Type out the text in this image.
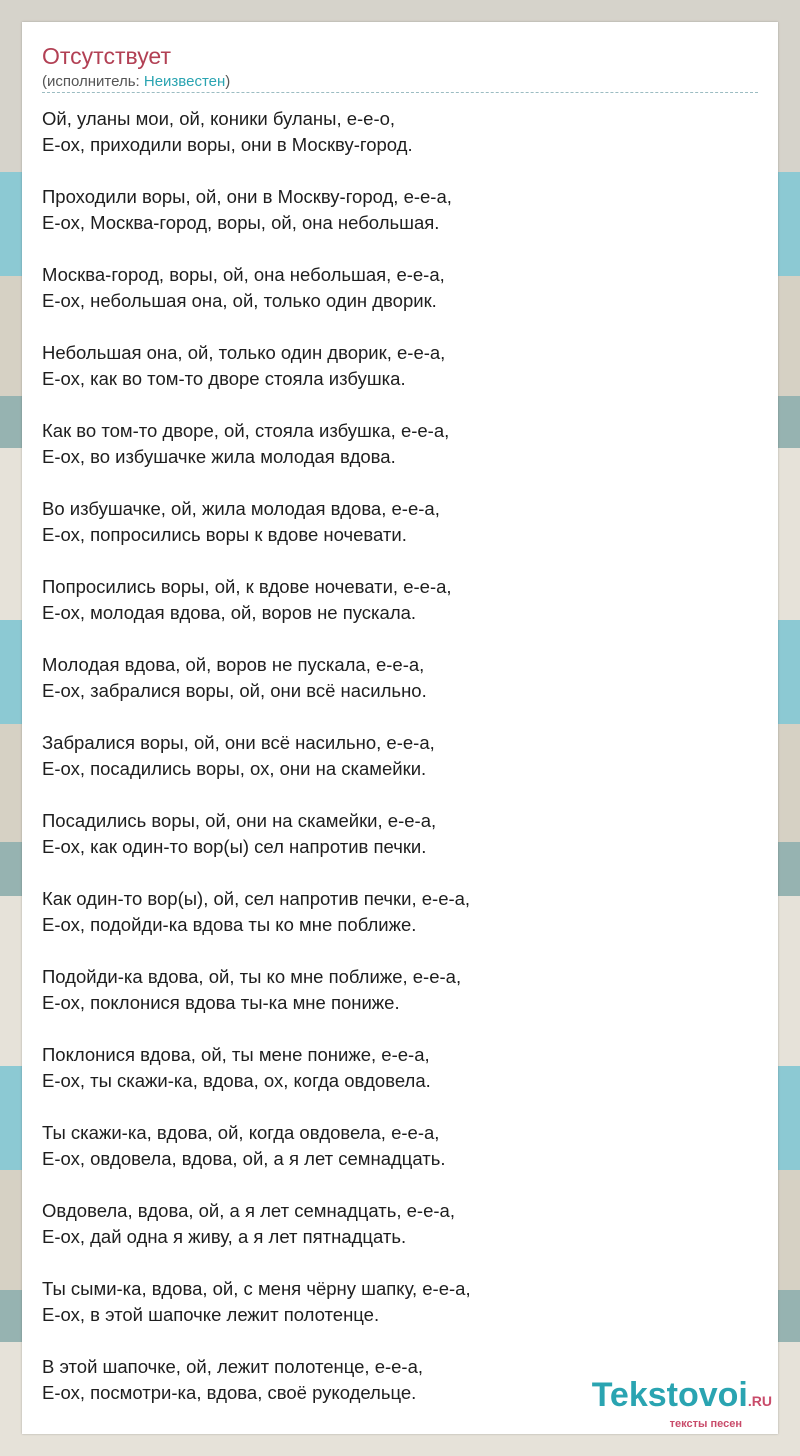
Отсутствует
(исполнитель: Неизвестен)
Ой, уланы мои, ой, коники буланы, е-е-о,
Е-ох, приходили воры, они в Москву-город.
Проходили воры, ой, они в Москву-город, е-е-а,
Е-ох, Москва-город, воры, ой, она небольшая.
Москва-город, воры, ой, она небольшая, е-е-а,
Е-ох, небольшая она, ой, только один дворик.
Небольшая она, ой, только один дворик, е-е-а,
Е-ох, как во том-то дворе стояла избушка.
Как во том-то дворе, ой, стояла избушка, е-е-а,
Е-ох, во избушачке жила молодая вдова.
Во избушачке, ой, жила молодая вдова, е-е-а,
Е-ох, попросились воры к вдове ночевати.
Попросились воры, ой, к вдове ночевати, е-е-а,
Е-ох, молодая вдова, ой, воров не пускала.
Молодая вдова, ой, воров не пускала, е-е-а,
Е-ох, забралися воры, ой, они всё насильно.
Забралися воры, ой, они всё насильно, е-е-а,
Е-ох, посадились воры, ох, они на скамейки.
Посадились воры, ой, они на скамейки, е-е-а,
Е-ох, как один-то вор(ы) сел напротив печки.
Как один-то вор(ы), ой, сел напротив печки, е-е-а,
Е-ох, подойди-ка вдова ты ко мне поближе.
Подойди-ка вдова, ой, ты ко мне поближе, е-е-а,
Е-ох, поклонися вдова ты-ка мне пониже.
Поклонися вдова, ой, ты мене пониже, е-е-а,
Е-ох, ты скажи-ка, вдова, ох, когда овдовела.
Ты скажи-ка, вдова, ой, когда овдовела, е-е-а,
Е-ох, овдовела, вдова, ой, а я лет семнадцать.
Овдовела, вдова, ой, а я лет семнадцать, е-е-а,
Е-ох, дай одна я живу, а я лет пятнадцать.
Ты сыми-ка, вдова, ой, с меня чёрну шапку, е-е-а,
Е-ох, в этой шапочке лежит полотенце.
В этой шапочке, ой, лежит полотенце, е-е-а,
Е-ох, посмотри-ка, вдова, своё рукодельце.	Tekstovoi.RU
тексты песен
